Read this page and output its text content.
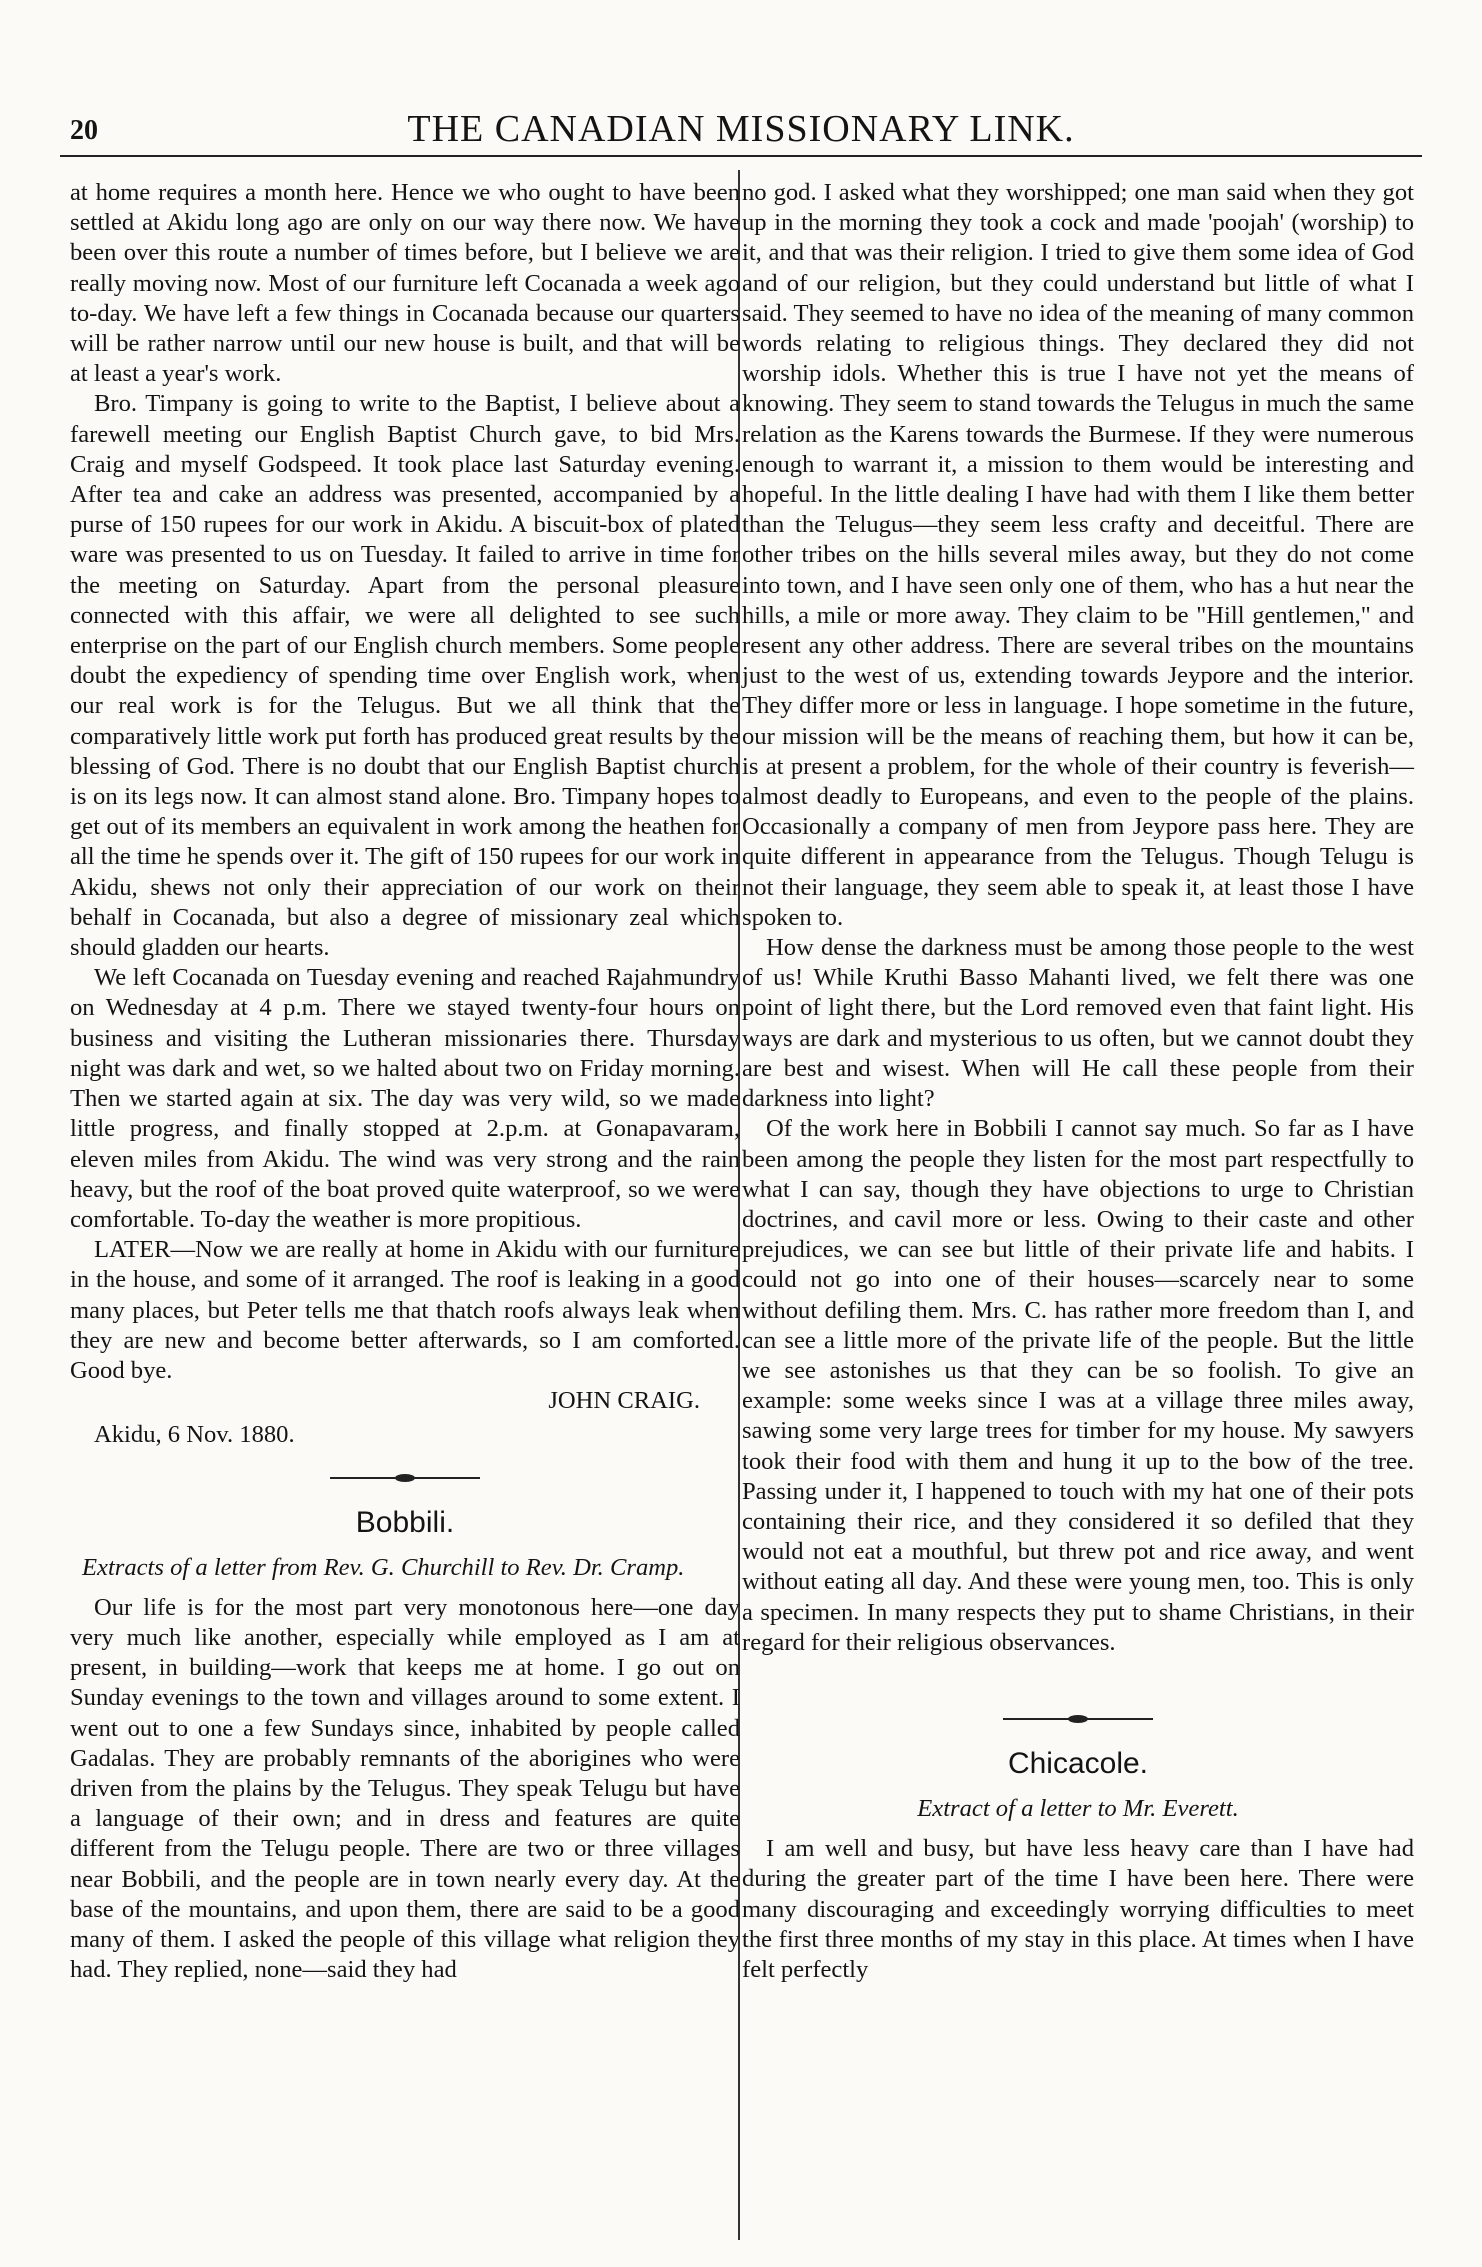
20	THE CANADIAN MISSIONARY LINK.

at home requires a month here. Hence we who ought to have been settled at Akidu long ago are only on our way there now. We have been over this route a number of times before, but I believe we are really moving now. Most of our furniture left Cocanada a week ago to-day. We have left a few things in Cocanada because our quarters will be rather narrow until our new house is built, and that will be at least a year's work.

Bro. Timpany is going to write to the Baptist, I believe about a farewell meeting our English Baptist Church gave, to bid Mrs. Craig and myself Godspeed. It took place last Saturday evening. After tea and cake an address was presented, accompanied by a purse of 150 rupees for our work in Akidu. A biscuit-box of plated ware was presented to us on Tuesday. It failed to arrive in time for the meeting on Saturday. Apart from the personal pleasure connected with this affair, we were all delighted to see such enterprise on the part of our English church members. Some people doubt the expediency of spending time over English work, when our real work is for the Telugus. But we all think that the comparatively little work put forth has produced great results by the blessing of God. There is no doubt that our English Baptist church is on its legs now. It can almost stand alone. Bro. Timpany hopes to get out of its members an equivalent in work among the heathen for all the time he spends over it. The gift of 150 rupees for our work in Akidu, shews not only their appreciation of our work on their behalf in Cocanada, but also a degree of missionary zeal which should gladden our hearts.

We left Cocanada on Tuesday evening and reached Rajahmundry on Wednesday at 4 p.m. There we stayed twenty-four hours on business and visiting the Lutheran missionaries there. Thursday night was dark and wet, so we halted about two on Friday morning. Then we started again at six. The day was very wild, so we made little progress, and finally stopped at 2.p.m. at Gonapavaram, eleven miles from Akidu. The wind was very strong and the rain heavy, but the roof of the boat proved quite waterproof, so we were comfortable. To-day the weather is more propitious.

LATER—Now we are really at home in Akidu with our furniture in the house, and some of it arranged. The roof is leaking in a good many places, but Peter tells me that thatch roofs always leak when they are new and become better afterwards, so I am comforted. Good bye.

JOHN CRAIG.

Akidu, 6 Nov. 1880.

Bobbili.

Extracts of a letter from Rev. G. Churchill to Rev. Dr. Cramp.

Our life is for the most part very monotonous here—one day very much like another, especially while employed as I am at present, in building—work that keeps me at home. I go out on Sunday evenings to the town and villages around to some extent. I went out to one a few Sundays since, inhabited by people called Gadalas. They are probably remnants of the aborigines who were driven from the plains by the Telugus. They speak Telugu but have a language of their own; and in dress and features are quite different from the Telugu people. There are two or three villages near Bobbili, and the people are in town nearly every day. At the base of the mountains, and upon them, there are said to be a good many of them. I asked the people of this village what religion they had. They replied, none—said they had

no god. I asked what they worshipped; one man said when they got up in the morning they took a cock and made 'poojah' (worship) to it, and that was their religion. I tried to give them some idea of God and of our religion, but they could understand but little of what I said. They seemed to have no idea of the meaning of many common words relating to religious things. They declared they did not worship idols. Whether this is true I have not yet the means of knowing. They seem to stand towards the Telugus in much the same relation as the Karens towards the Burmese. If they were numerous enough to warrant it, a mission to them would be interesting and hopeful. In the little dealing I have had with them I like them better than the Telugus—they seem less crafty and deceitful. There are other tribes on the hills several miles away, but they do not come into town, and I have seen only one of them, who has a hut near the hills, a mile or more away. They claim to be "Hill gentlemen," and resent any other address. There are several tribes on the mountains just to the west of us, extending towards Jeypore and the interior. They differ more or less in language. I hope sometime in the future, our mission will be the means of reaching them, but how it can be, is at present a problem, for the whole of their country is feverish—almost deadly to Europeans, and even to the people of the plains. Occasionally a company of men from Jeypore pass here. They are quite different in appearance from the Telugus. Though Telugu is not their language, they seem able to speak it, at least those I have spoken to.

How dense the darkness must be among those people to the west of us! While Kruthi Basso Mahanti lived, we felt there was one point of light there, but the Lord removed even that faint light. His ways are dark and mysterious to us often, but we cannot doubt they are best and wisest. When will He call these people from their darkness into light?

Of the work here in Bobbili I cannot say much. So far as I have been among the people they listen for the most part respectfully to what I can say, though they have objections to urge to Christian doctrines, and cavil more or less. Owing to their caste and other prejudices, we can see but little of their private life and habits. I could not go into one of their houses—scarcely near to some without defiling them. Mrs. C. has rather more freedom than I, and can see a little more of the private life of the people. But the little we see astonishes us that they can be so foolish. To give an example: some weeks since I was at a village three miles away, sawing some very large trees for timber for my house. My sawyers took their food with them and hung it up to the bow of the tree. Passing under it, I happened to touch with my hat one of their pots containing their rice, and they considered it so defiled that they would not eat a mouthful, but threw pot and rice away, and went without eating all day. And these were young men, too. This is only a specimen. In many respects they put to shame Christians, in their regard for their religious observances.

Chicacole.

Extract of a letter to Mr. Everett.

I am well and busy, but have less heavy care than I have had during the greater part of the time I have been here. There were many discouraging and exceedingly worrying difficulties to meet the first three months of my stay in this place. At times when I have felt perfectly
